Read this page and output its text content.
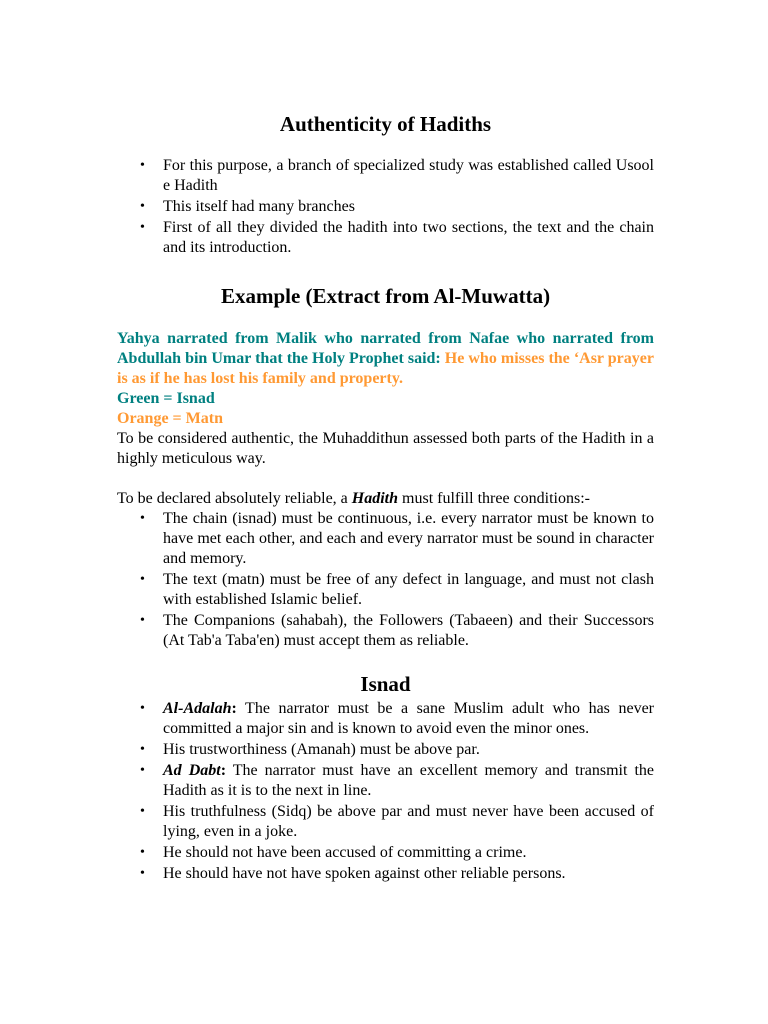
Authenticity of Hadiths
• For this purpose, a branch of specialized study was established called Usool e Hadith
• This itself had many branches
• First of all they divided the hadith into two sections, the text and the chain and its introduction.
Example (Extract from Al-Muwatta)

Yahya narrated from Malik who narrated from Nafae who narrated from Abdullah bin Umar that the Holy Prophet said: He who misses the ‘Asr prayer is as if he has lost his family and property.

Green = Isnad

Orange = Matn

To be considered authentic, the Muhaddithun assessed both parts of the Hadith in a highly meticulous way.

To be declared absolutely reliable, a Hadith must fulfill three conditions:-

• The chain (isnad) must be continuous, i.e. every narrator must be known to have met each other, and each and every narrator must be sound in character and memory.
• The text (matn) must be free of any defect in language, and must not clash with established Islamic belief.
• The Companions (sahabah), the Followers (Tabaeen) and their Successors (At Tab'a Taba'en) must accept them as reliable.
Isnad
• Al-Adalah: The narrator must be a sane Muslim adult who has never committed a major sin and is known to avoid even the minor ones.
• His trustworthiness (Amanah) must be above par.
• Ad Dabt: The narrator must have an excellent memory and transmit the Hadith as it is to the next in line.
• His truthfulness (Sidq) be above par and must never have been accused of lying, even in a joke.
• He should not have been accused of committing a crime.
• He should have not have spoken against other reliable persons.
